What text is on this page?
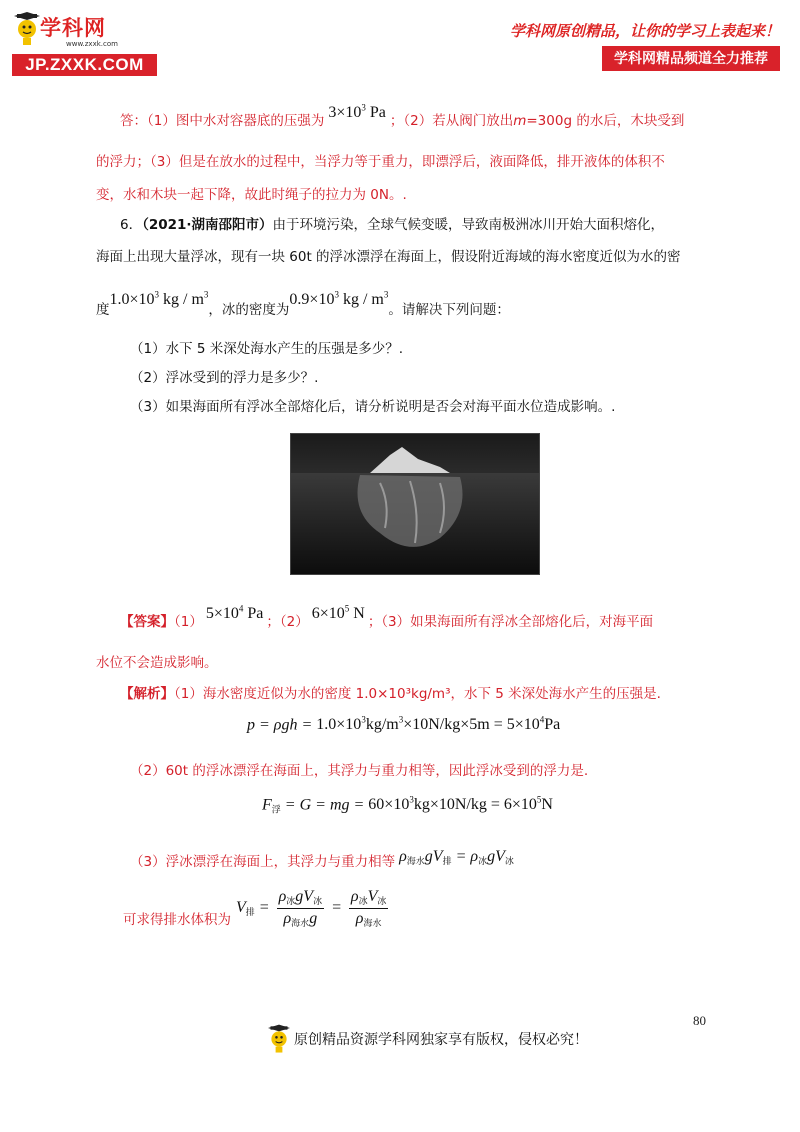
学科网
www.zxxk.com
JP.ZXXK.COM
学科网原创精品，让你的学习上表起来！
学科网精品频道全力推荐
答：（1）图中水对容器底的压强为 $3\times 10^3$ Pa ；（2）若从阀门放出m=300g 的水后，木块受到
的浮力；（3）但是在放水的过程中，当浮力等于重力，即漂浮后，液面降低，排开液体的体积不
变，水和木块一起下降，故此时绳子的拉力为 0N。.
6．（2021·湖南邵阳市）由于环境污染，全球气候变暖，导致南极洲冰川开始大面积熔化，
海面上出现大量浮冰，现有一块 60t 的浮冰漂浮在海面上，假设附近海域的海水密度近似为水的密
度$1.0\times 10^3$ kg / $m^3$，冰的密度为$0.9\times 10^3$ kg / $m^3$。请解决下列问题：
（1）水下 5 米深处海水产生的压强是多少？.
（2）浮冰受到的浮力是多少？.
（3）如果海面所有浮冰全部熔化后，请分析说明是否会对海平面水位造成影响。.
【答案】（1） $5\times 10^4$ Pa ；（2） $6\times 10^5$ N ；（3）如果海面所有浮冰全部熔化后，对海平面
水位不会造成影响。
【解析】（1）海水密度近似为水的密度 1.0×10³kg/m³，水下 5 米深处海水产生的压强是.
$p = \rho gh = 1.0\times 10^3kg/m^3\times 10N/kg\times 5m = 5\times 10^4Pa$
（2）60t 的浮冰漂浮在海面上，其浮力与重力相等，因此浮冰受到的浮力是.
$F_浮 = G$ = mg = $60\times 10^3kg\times 10N/kg = 6\times 10^5N$
（3）浮冰漂浮在海面上，其浮力与重力相等 $\rho_{海水}gV_排 = \rho_冰gV_冰$
可求得排水体积为
$V_排 = \frac{\rho_冰gV_冰}{\rho_{海水}g} = \frac{\rho_冰V_冰}{\rho_{海水}}$
80
原创精品资源学科网独家享有版权，侵权必究！
